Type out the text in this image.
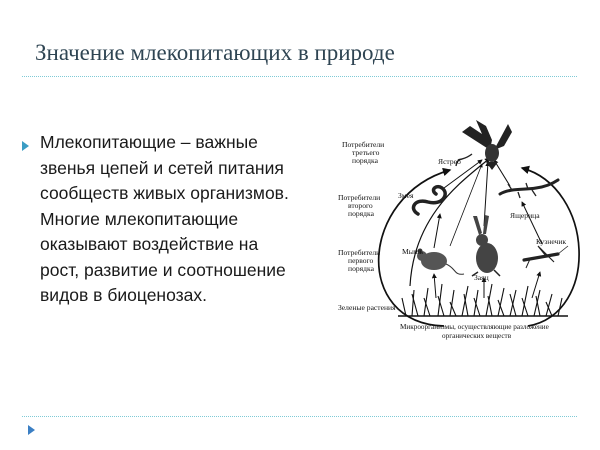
Значение млекопитающих в природе

Млекопитающие – важные
звенья цепей и сетей питания
сообществ живых организмов.
Многие млекопитающие
оказывают воздействие на
рост, развитие и соотношение
видов в биоценозах.

Потребители третьего порядка
Потребители второго порядка
Потребители первого порядка
Ястреб
Змея
Ящерица
Кузнечик
Мышь
Заяц
Зеленые растения
Микроорганизмы, осуществляющие разложение органических веществ
